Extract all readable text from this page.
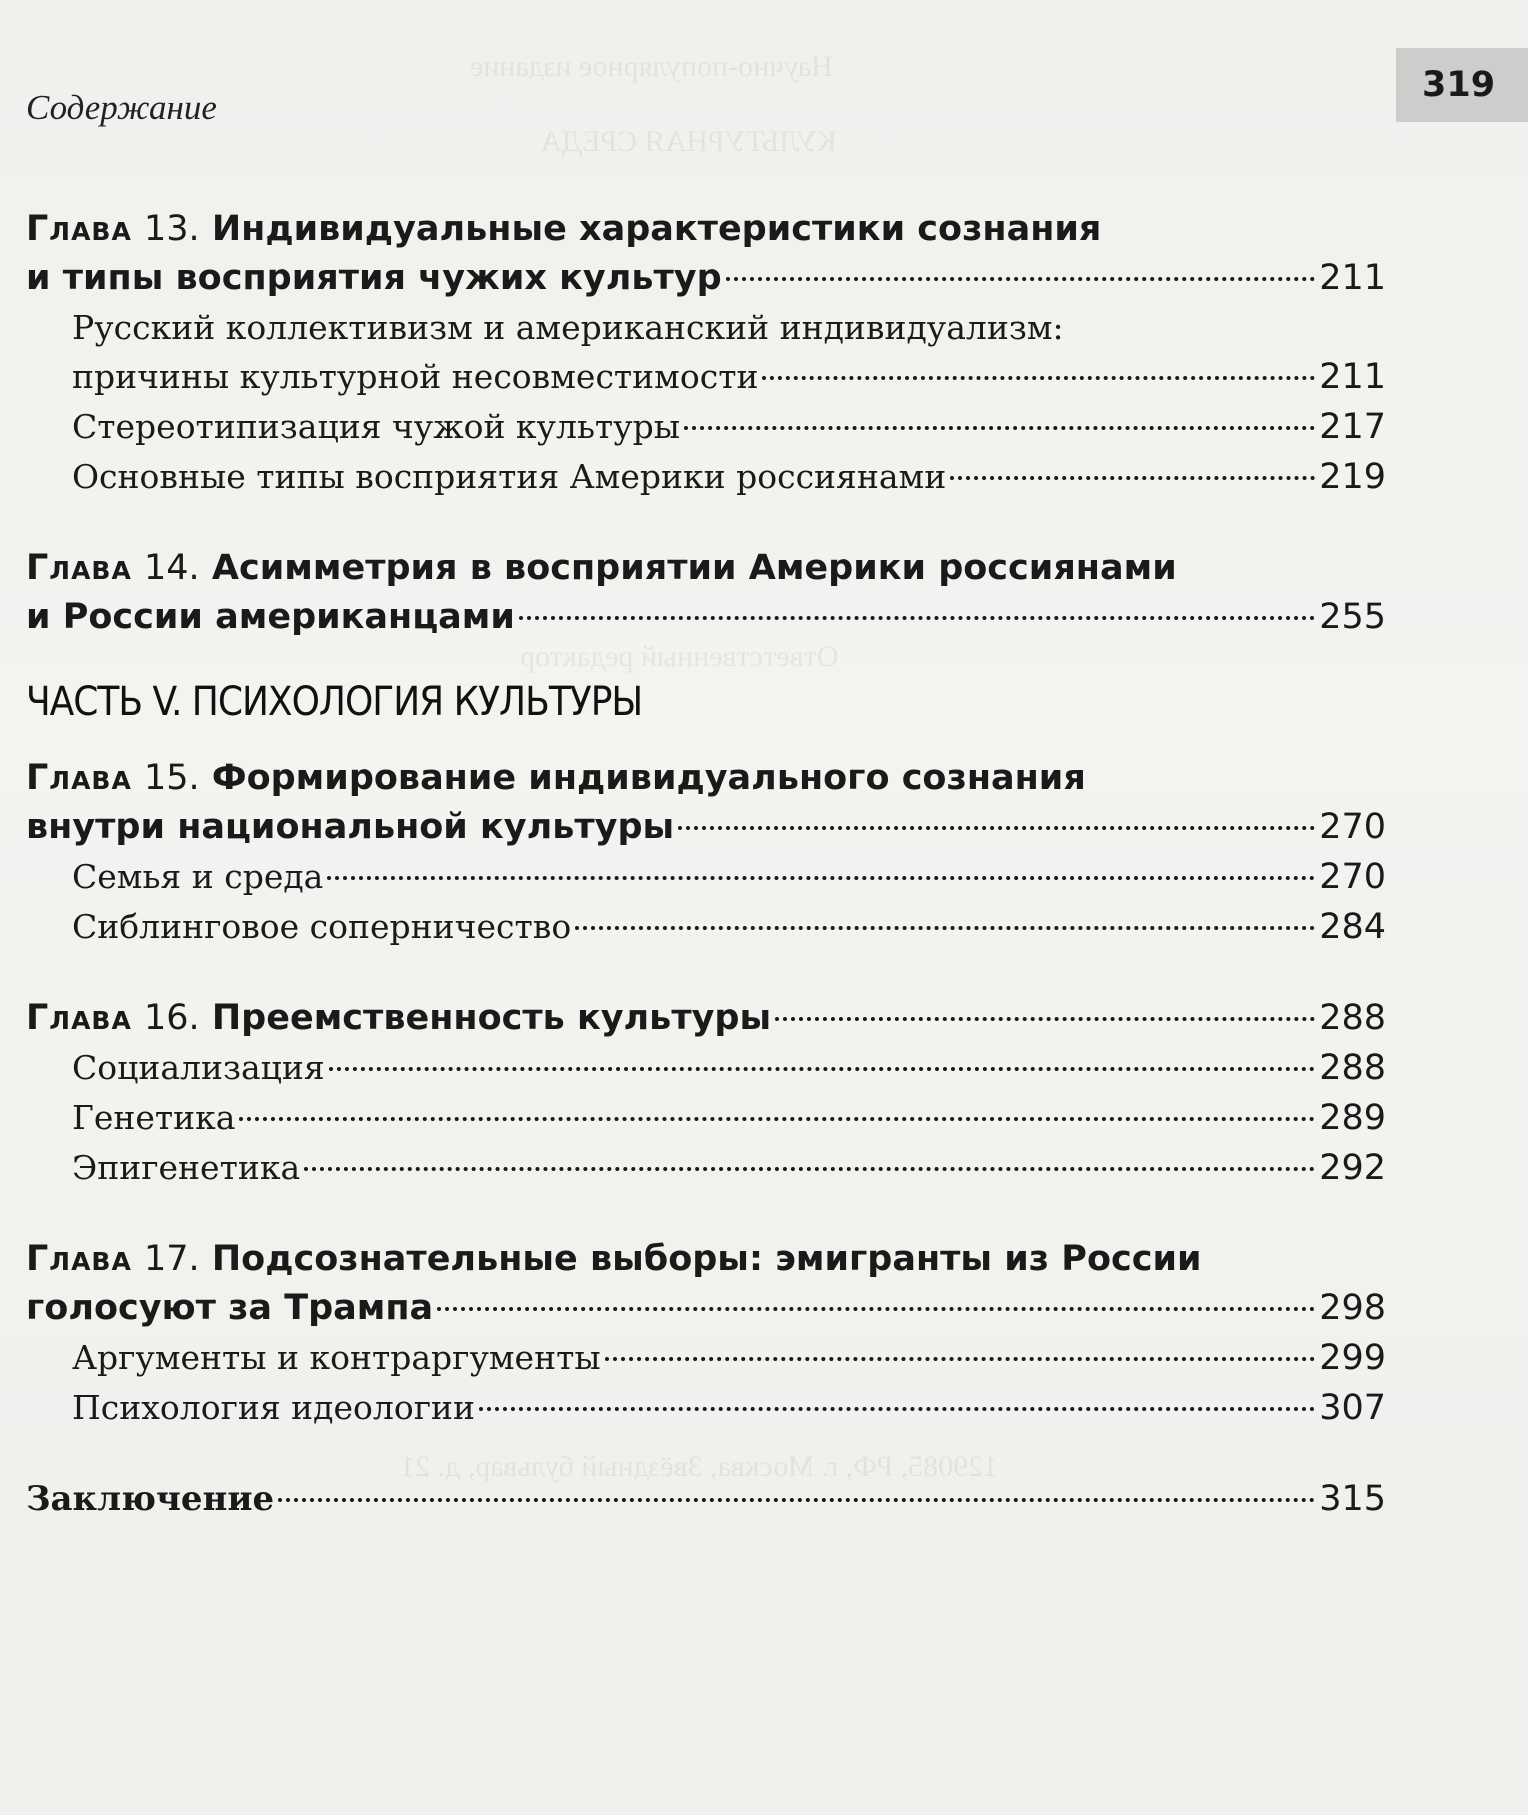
Научно-популярное издание
КУЛЬТУРНАЯ СРЕДА
Ответственный редактор
129085, РФ, г. Москва, Звёздный бульвар, д. 21
Содержание
319
Глава 13. Индивидуальные характеристики сознания
и типы восприятия чужих культур	211
Русский коллективизм и американский индивидуализм:
причины культурной несовместимости	211
Стереотипизация чужой культуры	217
Основные типы восприятия Америки россиянами	219
Глава 14. Асимметрия в восприятии Америки россиянами
и России американцами	255
ЧАСТЬ V. ПСИХОЛОГИЯ КУЛЬТУРЫ
Глава 15. Формирование индивидуального сознания
внутри национальной культуры	270
Семья и среда	270
Сиблинговое соперничество	284
Глава 16. Преемственность культуры	288
Социализация	288
Генетика	289
Эпигенетика	292
Глава 17. Подсознательные выборы: эмигранты из России
голосуют за Трампа	298
Аргументы и контраргументы	299
Психология идеологии	307
Заключение	315
